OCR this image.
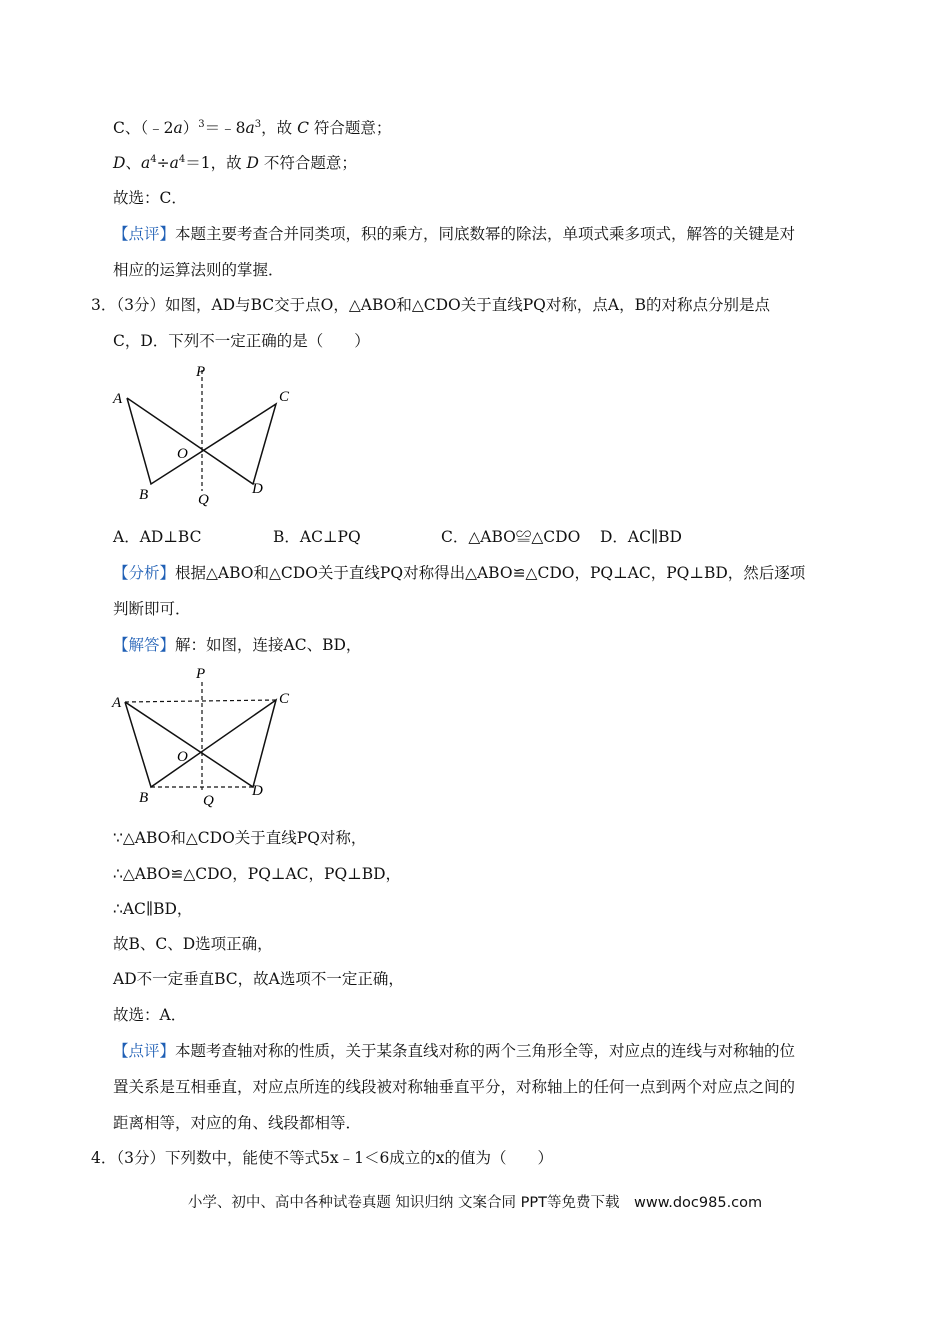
C、$(﹣2a)^3=﹣8a^3$，故 C 符合题意；
D、$a^4\div a^4=1$，故 D 不符合题意；
故选：C．
【点评】本题主要考查合并同类项，积的乘方，同底数幂的除法，单项式乘多项式，解答的关键是对
相应的运算法则的掌握．
3．（3分）如图，AD与BC交于点O，△ABO和△CDO关于直线PQ对称，点A，B的对称点分别是点
C，D．下列不一定正确的是（　　）
A
B
C
D
O
P
Q
A．AD⊥BC	B．AC⊥PQ	C．△ABO≌△CDO D．AC∥BD
【分析】根据△ABO和△CDO关于直线PQ对称得出△ABO≌△CDO，PQ⊥AC，PQ⊥BD，然后逐项
判断即可．
【解答】解：如图，连接AC、BD，
A
B
C
D
O
P
Q
∵△ABO和△CDO关于直线PQ对称，
∴△ABO≌△CDO，PQ⊥AC，PQ⊥BD，
∴AC∥BD，
故B、C、D选项正确，
AD不一定垂直BC，故A选项不一定正确，
故选：A．
【点评】本题考查轴对称的性质，关于某条直线对称的两个三角形全等，对应点的连线与对称轴的位
置关系是互相垂直，对应点所连的线段被对称轴垂直平分，对称轴上的任何一点到两个对应点之间的
距离相等，对应的角、线段都相等．
4．（3分）下列数中，能使不等式5x﹣1＜6成立的x的值为（　　）
小学、初中、高中各种试卷真题 知识归纳 文案合同 PPT等免费下载　www.doc985.com
